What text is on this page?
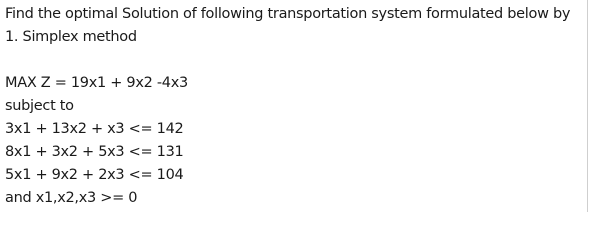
Find the optimal Solution of following transportation system formulated below by
1. Simplex method
MAX Z = 19x1 + 9x2 -4x3
subject to
3x1 + 13x2 + x3 <= 142
8x1 + 3x2 + 5x3 <= 131
5x1 + 9x2 + 2x3 <= 104
and x1,x2,x3 >= 0
